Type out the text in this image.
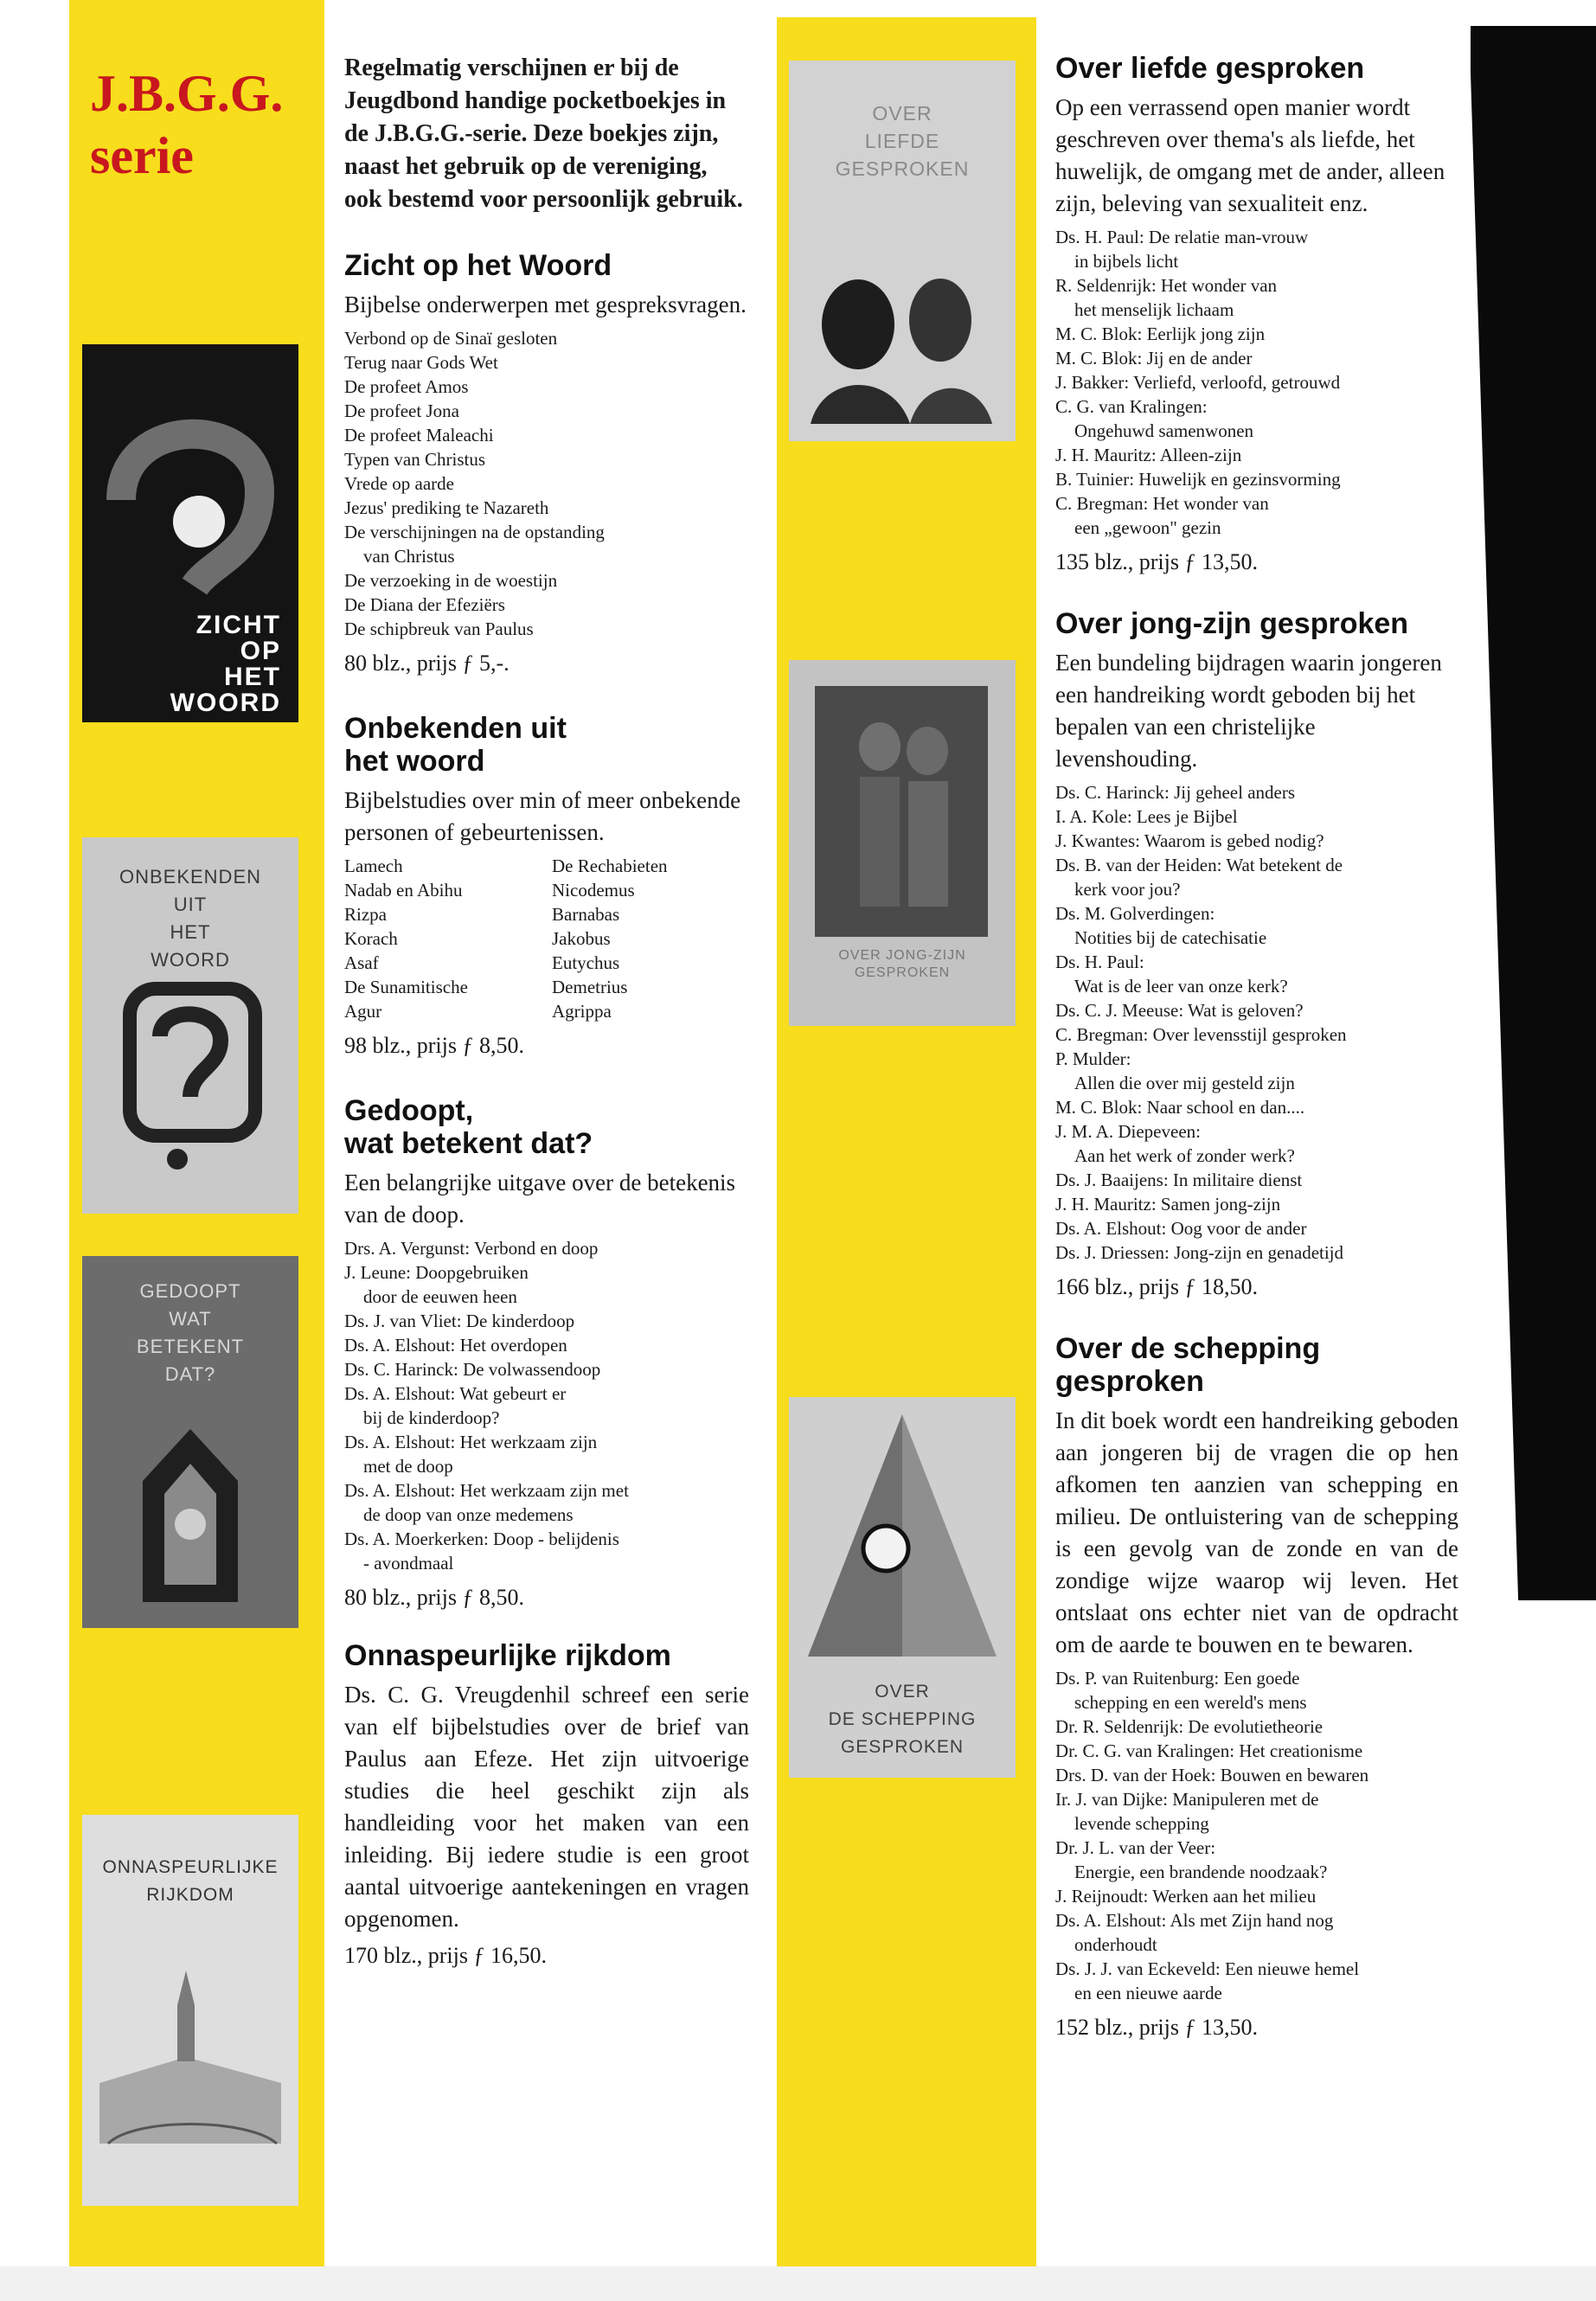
J.B.G.G.
serie
ZICHT
OP
HET
WOORD
ONBEKENDEN
UIT
HET
WOORD
GEDOOPT
WAT
BETEKENT
DAT?
ONNASPEURLIJKE
RIJKDOM
OVER
LIEFDE
GESPROKEN
OVER JONG-ZIJN
GESPROKEN
OVER
DE SCHEPPING
GESPROKEN

Regelmatig verschijnen er bij de Jeugdbond handige pocketboekjes in de J.B.G.G.-serie. Deze boekjes zijn, naast het gebruik op de vereniging, ook bestemd voor persoonlijk gebruik.

Zicht op het Woord

Bijbelse onderwerpen met gespreksvragen.

Verbond op de Sinaï gesloten
Terug naar Gods Wet
De profeet Amos
De profeet Jona
De profeet Maleachi
Typen van Christus
Vrede op aarde
Jezus' prediking te Nazareth
De verschijningen na de opstanding
van Christus
De verzoeking in de woestijn
De Diana der Efeziërs
De schipbreuk van Paulus

80 blz., prijs ƒ 5,-.

Onbekenden uit
het woord

Bijbelstudies over min of meer onbekende personen of gebeurtenissen.

Lamech	De Rechabieten
Nadab en Abihu	Nicodemus
Rizpa	Barnabas
Korach	Jakobus
Asaf	Eutychus
De Sunamitische	Demetrius
Agur	Agrippa

98 blz., prijs ƒ 8,50.

Gedoopt,
wat betekent dat?

Een belangrijke uitgave over de betekenis van de doop.

Drs. A. Vergunst: Verbond en doop
J. Leune: Doopgebruiken
door de eeuwen heen
Ds. J. van Vliet: De kinderdoop
Ds. A. Elshout: Het overdopen
Ds. C. Harinck: De volwassendoop
Ds. A. Elshout: Wat gebeurt er
bij de kinderdoop?
Ds. A. Elshout: Het werkzaam zijn
met de doop
Ds. A. Elshout: Het werkzaam zijn met
de doop van onze medemens
Ds. A. Moerkerken: Doop - belijdenis
- avondmaal

80 blz., prijs ƒ 8,50.

Onnaspeurlijke rijkdom

Ds. C. G. Vreugdenhil schreef een serie van elf bijbelstudies over de brief van Paulus aan Efeze. Het zijn uitvoerige studies die heel geschikt zijn als handleiding voor het maken van een inleiding. Bij iedere studie is een groot aantal uitvoerige aantekeningen en vragen opgenomen.

170 blz., prijs ƒ 16,50.

Over liefde gesproken

Op een verrassend open manier wordt geschreven over thema's als liefde, het huwelijk, de omgang met de ander, alleen zijn, beleving van sexualiteit enz.

Ds. H. Paul: De relatie man-vrouw
in bijbels licht
R. Seldenrijk: Het wonder van
het menselijk lichaam
M. C. Blok: Eerlijk jong zijn
M. C. Blok: Jij en de ander
J. Bakker: Verliefd, verloofd, getrouwd
C. G. van Kralingen:
Ongehuwd samenwonen
J. H. Mauritz: Alleen-zijn
B. Tuinier: Huwelijk en gezinsvorming
C. Bregman: Het wonder van
een „gewoon" gezin

135 blz., prijs ƒ 13,50.

Over jong-zijn gesproken

Een bundeling bijdragen waarin jongeren een handreiking wordt geboden bij het bepalen van een christelijke levenshouding.

Ds. C. Harinck: Jij geheel anders
I. A. Kole: Lees je Bijbel
J. Kwantes: Waarom is gebed nodig?
Ds. B. van der Heiden: Wat betekent de
kerk voor jou?
Ds. M. Golverdingen:
Notities bij de catechisatie
Ds. H. Paul:
Wat is de leer van onze kerk?
Ds. C. J. Meeuse: Wat is geloven?
C. Bregman: Over levensstijl gesproken
P. Mulder:
Allen die over mij gesteld zijn
M. C. Blok: Naar school en dan....
J. M. A. Diepeveen:
Aan het werk of zonder werk?
Ds. J. Baaijens: In militaire dienst
J. H. Mauritz: Samen jong-zijn
Ds. A. Elshout: Oog voor de ander
Ds. J. Driessen: Jong-zijn en genadetijd

166 blz., prijs ƒ 18,50.

Over de schepping
gesproken

In dit boek wordt een handreiking geboden aan jongeren bij de vragen die op hen afkomen ten aanzien van schepping en milieu. De ontluistering van de schepping is een gevolg van de zonde en van de zondige wijze waarop wij leven. Het ontslaat ons echter niet van de opdracht om de aarde te bouwen en te bewaren.

Ds. P. van Ruitenburg: Een goede
schepping en een wereld's mens
Dr. R. Seldenrijk: De evolutietheorie
Dr. C. G. van Kralingen: Het creationisme
Drs. D. van der Hoek: Bouwen en bewaren
Ir. J. van Dijke: Manipuleren met de
levende schepping
Dr. J. L. van der Veer:
Energie, een brandende noodzaak?
J. Reijnoudt: Werken aan het milieu
Ds. A. Elshout: Als met Zijn hand nog
onderhoudt
Ds. J. J. van Eckeveld: Een nieuwe hemel
en een nieuwe aarde

152 blz., prijs ƒ 13,50.
